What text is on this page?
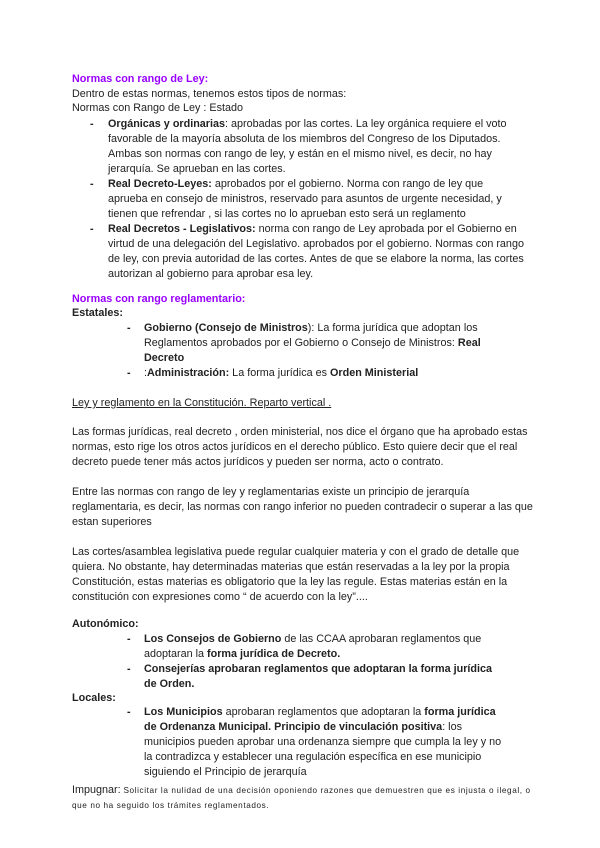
Normas con rango de Ley:
Dentro de estas normas, tenemos estos tipos de normas:
Normas con Rango de Ley : Estado
- Orgánicas y ordinarias: aprobadas por las cortes. La ley orgánica requiere el voto favorable de la mayoría absoluta de los miembros del Congreso de los Diputados. Ambas son normas con rango de ley, y están en el mismo nivel, es decir, no hay jerarquía. Se aprueban en las cortes.
- Real Decreto-Leyes: aprobados por el gobierno. Norma con rango de ley que aprueba en consejo de ministros, reservado para asuntos de urgente necesidad, y tienen que refrendar , si las cortes no lo aprueban esto será un reglamento
- Real Decretos - Legislativos: norma con rango de Ley aprobada por el Gobierno en virtud de una delegación del Legislativo. aprobados por el gobierno. Normas con rango de ley, con previa autoridad de las cortes. Antes de que se elabore la norma, las cortes autorizan al gobierno para aprobar esa ley.
Normas con rango reglamentario:
Estatales:
- Gobierno (Consejo de Ministros): La forma jurídica que adoptan los Reglamentos aprobados por el Gobierno o Consejo de Ministros: Real Decreto
- :Administración: La forma jurídica es Orden Ministerial
Ley y reglamento en la Constitución. Reparto vertical .

Las formas jurídicas, real decreto , orden ministerial, nos dice el órgano que ha aprobado estas normas, esto rige los otros actos jurídicos en el derecho público. Esto quiere decir que el real decreto puede tener más actos jurídicos y pueden ser norma, acto o contrato.

Entre las normas con rango de ley y reglamentarias existe un principio de jerarquía reglamentaria, es decir, las normas con rango inferior no pueden contradecir o superar a las que estan superiores

Las cortes/asamblea legislativa puede regular cualquier materia y con el grado de detalle que quiera. No obstante, hay determinadas materias que están reservadas a la ley por la propia Constitución, estas materias es obligatorio que la ley las regule. Estas materias están en la constitución con expresiones como “ de acuerdo con la ley”....

Autonómico:
- Los Consejos de Gobierno de las CCAA aprobaran reglamentos que adoptaran la forma jurídica de Decreto.
- Consejerías aprobaran reglamentos que adoptaran la forma jurídica de Orden.
Locales:
- Los Municipios aprobaran reglamentos que adoptaran la forma jurídica de Ordenanza Municipal. Principio de vinculación positiva: los municipios pueden aprobar una ordenanza siempre que cumpla la ley y no la contradizca y establecer una regulación específica en ese municipio siguiendo el Principio de jerarquía
Impugnar: Solicitar la nulidad de una decisión oponiendo razones que demuestren que es injusta o ilegal, o que no ha seguido los trámites reglamentados.
